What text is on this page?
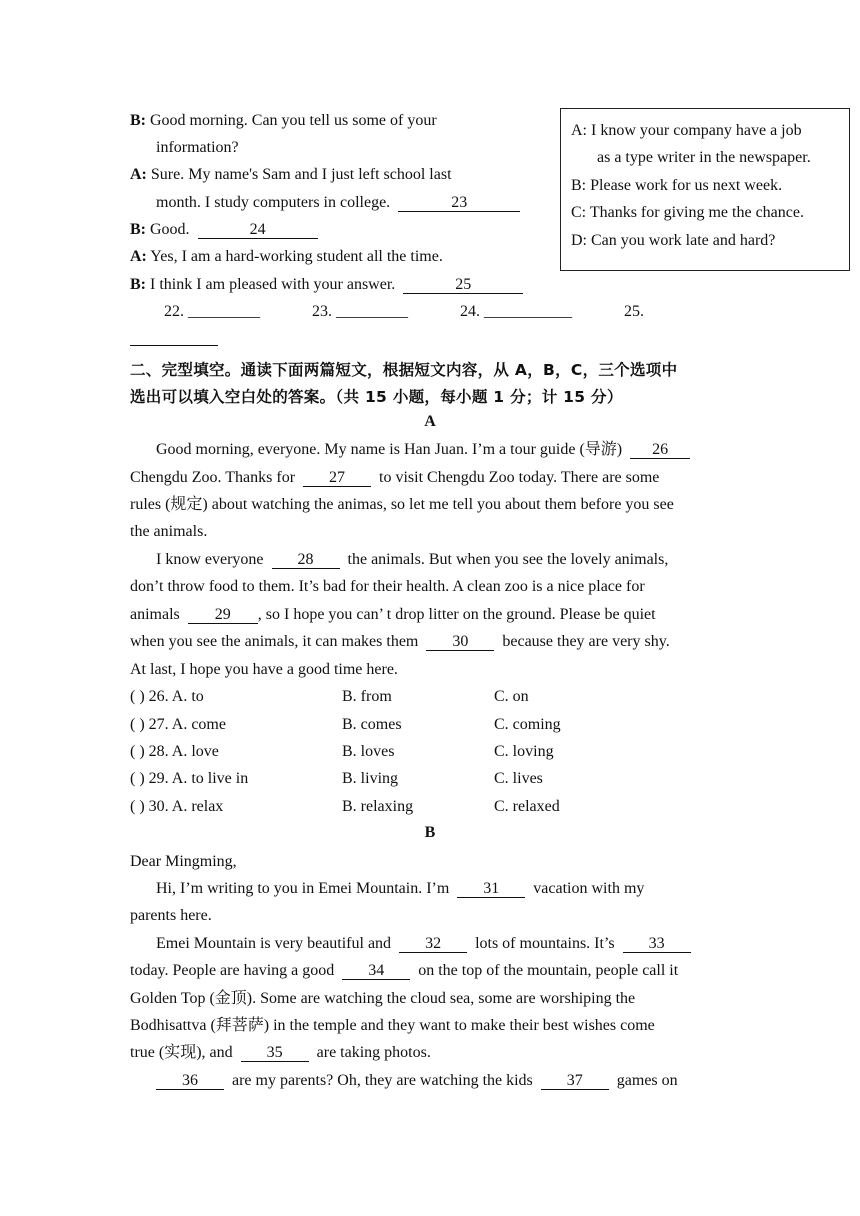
B: Good morning. Can you tell us some of your
information?
A: Sure. My name's Sam and I just left school last
month. I study computers in college.	23
B: Good.	24
A: Yes, I am a hard-working student all the time.
B: I think I am pleased with your answer.	25
22. _________	23. _________	24. ___________	25.
A: I know your company have a job
as a type writer in the newspaper.
B: Please work for us next week.
C: Thanks for giving me the chance.
D: Can you work late and hard?
二、完型填空。通读下面两篇短文，根据短文内容，从 A，B，C，三个选项中
选出可以填入空白处的答案。（共 15 小题，每小题 1 分；计 15 分）
A
Good morning, everyone. My name is Han Juan. I’m a tour guide (导游) 26
Chengdu Zoo. Thanks for 27 to visit Chengdu Zoo today. There are some
rules (规定) about watching the animas, so let me tell you about them before you see
the animals.
I know everyone 28 the animals. But when you see the lovely animals,
don’t throw food to them. It’s bad for their health. A clean zoo is a nice place for
animals 29 , so I hope you can’ t drop litter on the ground. Please be quiet
when you see the animals, it can makes them 30 because they are very shy.
At last, I hope you have a good time here.
( ) 26. A. to	B. from	C. on
( ) 27. A. come	B. comes	C. coming
( ) 28. A. love	B. loves	C. loving
( ) 29. A. to live in	B. living	C. lives
( ) 30. A. relax	B. relaxing	C. relaxed
B
Dear Mingming,
Hi, I’m writing to you in Emei Mountain. I’m 31 vacation with my
parents here.
Emei Mountain is very beautiful and 32 lots of mountains. It’s 33
today. People are having a good 34 on the top of the mountain, people call it
Golden Top (金顶). Some are watching the cloud sea, some are worshiping the
Bodhisattva (拜菩萨) in the temple and they want to make their best wishes come
true (实现), and 35 are taking photos.
36 are my parents? Oh, they are watching the kids 37 games on
